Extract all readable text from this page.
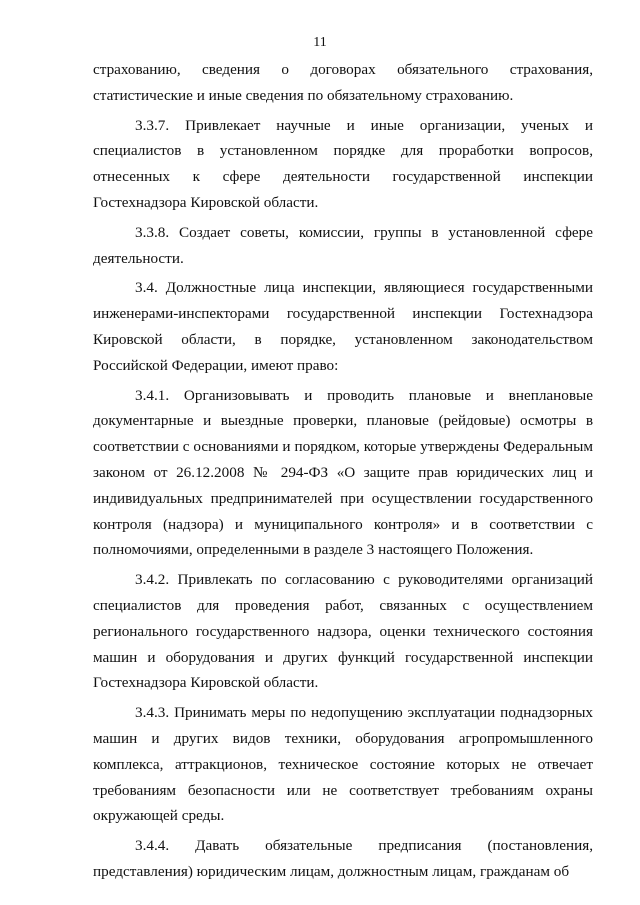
11

страхованию, сведения о договорах обязательного страхования, статистические и иные сведения по обязательному страхованию.

3.3.7. Привлекает научные и иные организации, ученых и специалистов в установленном порядке для проработки вопросов, отнесенных к сфере деятельности государственной инспекции Гостехнадзора Кировской области.

3.3.8. Создает советы, комиссии, группы в установленной сфере деятельности.

3.4. Должностные лица инспекции, являющиеся государственными инженерами-инспекторами государственной инспекции Гостехнадзора Кировской области, в порядке, установленном законодательством Российской Федерации, имеют право:

3.4.1. Организовывать и проводить плановые и внеплановые документарные и выездные проверки, плановые (рейдовые) осмотры в соответствии с основаниями и порядком, которые утверждены Федеральным законом от 26.12.2008 № 294-ФЗ «О защите прав юридических лиц и индивидуальных предпринимателей при осуществлении государственного контроля (надзора) и муниципального контроля» и в соответствии с полномочиями, определенными в разделе 3 настоящего Положения.

3.4.2. Привлекать по согласованию с руководителями организаций специалистов для проведения работ, связанных с осуществлением регионального государственного надзора, оценки технического состояния машин и оборудования и других функций государственной инспекции Гостехнадзора Кировской области.

3.4.3. Принимать меры по недопущению эксплуатации поднадзорных машин и других видов техники, оборудования агропромышленного комплекса, аттракционов, техническое состояние которых не отвечает требованиям безопасности или не соответствует требованиям охраны окружающей среды.

3.4.4. Давать обязательные предписания (постановления, представления) юридическим лицам, должностным лицам, гражданам об
